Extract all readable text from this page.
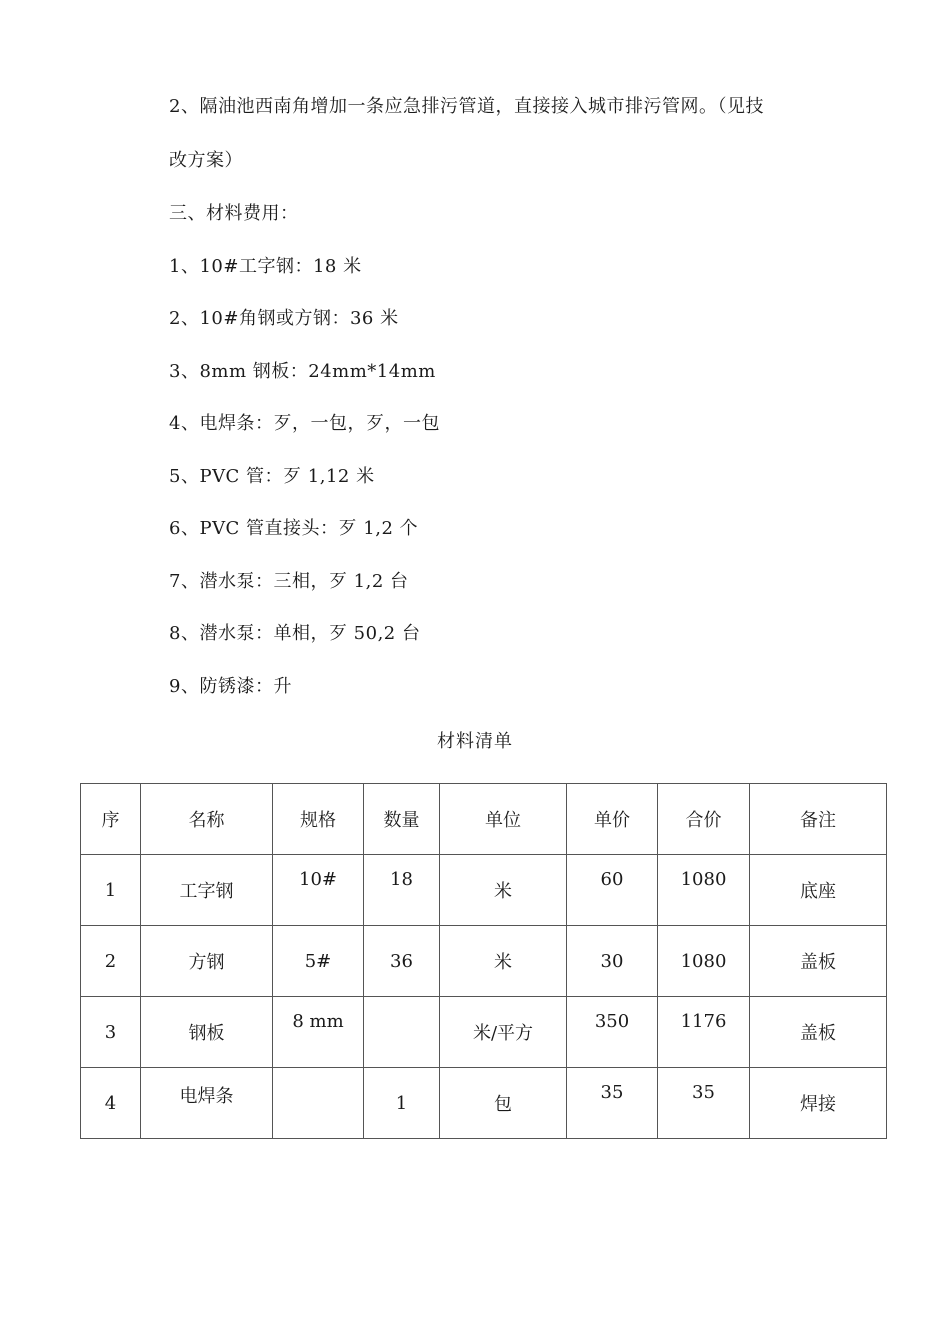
2、隔油池西南角增加一条应急排污管道，直接接入城市排污管网。（见技
改方案）
三、材料费用：
1、10#工字钢：18 米
2、10#角钢或方钢：36 米
3、8mm 钢板：24mm*14mm
4、电焊条：歹，一包，歹，一包
5、PVC 管：歹 1,12 米
6、PVC 管直接头：歹 1,2 个
7、潜水泵：三相，歹 1,2 台
8、潜水泵：单相，歹 50,2 台
9、防锈漆：升
材料清单
序	名称	规格	数量	单位	单价	合价	备注
1	工字钢	10#	18	米	60	1080	底座
2	方钢	5#	36	米	30	1080	盖板
3	钢板	8 mm		米/平方	350	1176	盖板
4	电焊条		1	包	35	35	焊接
